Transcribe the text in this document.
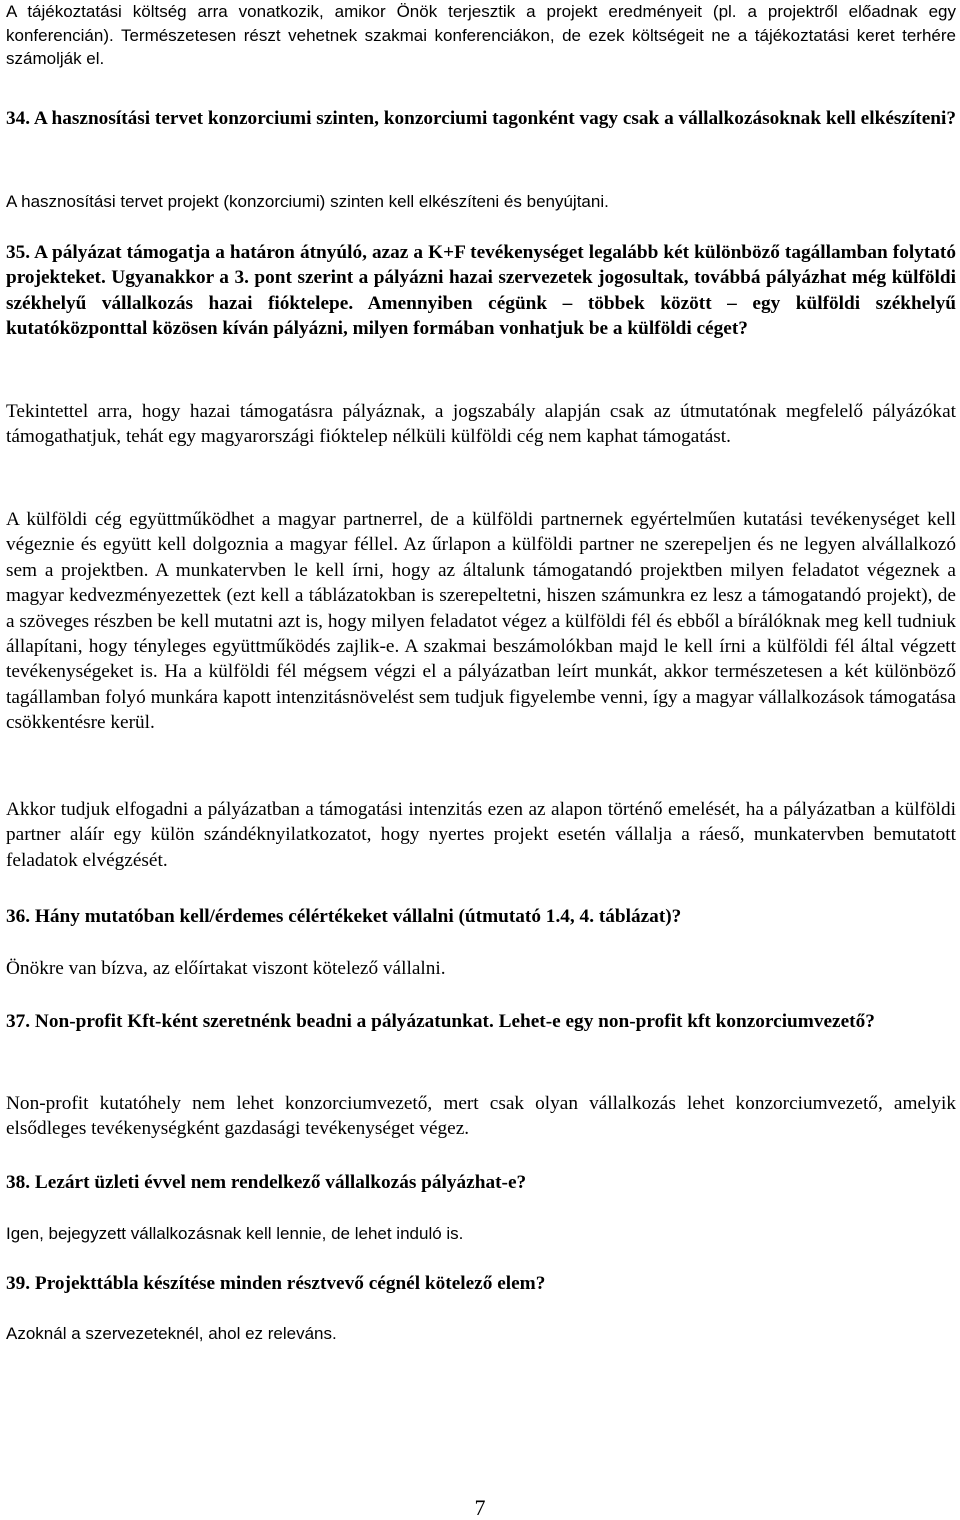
A tájékoztatási költség arra vonatkozik, amikor Önök terjesztik a projekt eredményeit (pl. a projektről előadnak egy konferencián). Természetesen részt vehetnek szakmai konferenciákon, de ezek költségeit ne a tájékoztatási keret terhére számolják el.

34. A hasznosítási tervet konzorciumi szinten, konzorciumi tagonként vagy csak a vállalkozásoknak kell elkészíteni?

A hasznosítási tervet projekt (konzorciumi) szinten kell elkészíteni és benyújtani.

35. A pályázat támogatja a határon átnyúló, azaz a K+F tevékenységet legalább két különböző tagállamban folytató projekteket. Ugyanakkor a 3. pont szerint a pályázni hazai szervezetek jogosultak, továbbá pályázhat még külföldi székhelyű vállalkozás hazai fióktelepe. Amennyiben cégünk – többek között – egy külföldi székhelyű kutatóközponttal közösen kíván pályázni, milyen formában vonhatjuk be a külföldi céget?

Tekintettel arra, hogy hazai támogatásra pályáznak, a jogszabály alapján csak az útmutatónak megfelelő pályázókat támogathatjuk, tehát egy magyarországi fióktelep nélküli külföldi cég nem kaphat támogatást.

A külföldi cég együttműködhet a magyar partnerrel, de a külföldi partnernek egyértelműen kutatási tevékenységet kell végeznie és együtt kell dolgoznia a magyar féllel. Az űrlapon a külföldi partner ne szerepeljen és ne legyen alvállalkozó sem a projektben. A munkatervben le kell írni, hogy az általunk támogatandó projektben milyen feladatot végeznek a magyar kedvezményezettek (ezt kell a táblázatokban is szerepeltetni, hiszen számunkra ez lesz a támogatandó projekt), de a szöveges részben be kell mutatni azt is, hogy milyen feladatot végez a külföldi fél és ebből a bírálóknak meg kell tudniuk állapítani, hogy tényleges együttműködés zajlik-e. A szakmai beszámolókban majd le kell írni a külföldi fél által végzett tevékenységeket is. Ha a külföldi fél mégsem végzi el a pályázatban leírt munkát, akkor természetesen a két különböző tagállamban folyó munkára kapott intenzitásnövelést sem tudjuk figyelembe venni, így a magyar vállalkozások támogatása csökkentésre kerül.

Akkor tudjuk elfogadni a pályázatban a támogatási intenzitás ezen az alapon történő emelését, ha a pályázatban a külföldi partner aláír egy külön szándéknyilatkozatot, hogy nyertes projekt esetén vállalja a ráeső, munkatervben bemutatott feladatok elvégzését.

36. Hány mutatóban kell/érdemes célértékeket vállalni (útmutató 1.4, 4. táblázat)?

Önökre van bízva, az előírtakat viszont kötelező vállalni.

37. Non-profit Kft-ként szeretnénk beadni a pályázatunkat. Lehet-e egy non-profit kft konzorciumvezető?

Non-profit kutatóhely nem lehet konzorciumvezető, mert csak olyan vállalkozás lehet konzorciumvezető, amelyik elsődleges tevékenységként gazdasági tevékenységet végez.

38. Lezárt üzleti évvel nem rendelkező vállalkozás pályázhat-e?

Igen, bejegyzett vállalkozásnak kell lennie, de lehet induló is.

39. Projekttábla készítése minden résztvevő cégnél kötelező elem?

Azoknál a szervezeteknél, ahol ez releváns.

7
